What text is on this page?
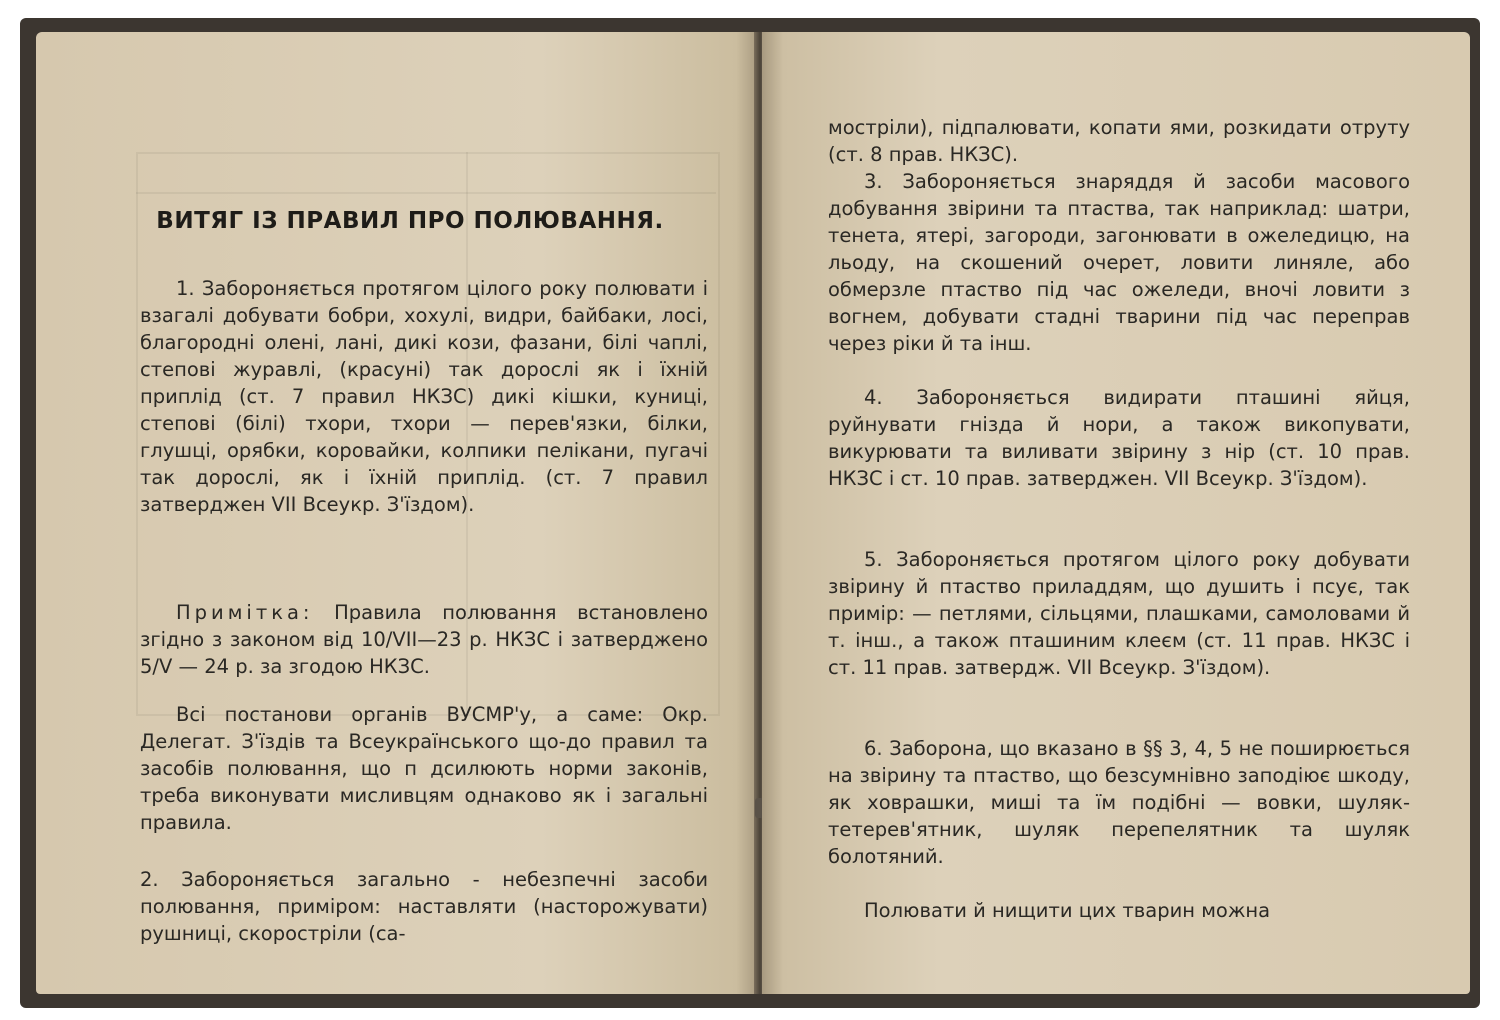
ВИТЯГ ІЗ ПРАВИЛ ПРО ПОЛЮВАННЯ.

1. Забороняється протягом цілого року полювати і взагалі добувати бобри, хохулі, видри, байбаки, лосі, благородні олені, лані, дикі кози, фазани, білі чаплі, степові журавлі, (красуні) так дорослі як і їхній приплід (ст. 7 правил НКЗС) дикі кішки, куниці, степові (білі) тхори, тхори — перев'язки, білки, глушці, орябки, коровайки, колпики пелікани, пугачі так дорослі, як і їхній приплід. (ст. 7 правил затверджен VII Всеукр. З'їздом).

Примітка: Правила полювання встановлено згідно з законом від 10/VII—23 р. НКЗС і затверджено 5/V — 24 р. за згодою НКЗС.

Всі постанови органів ВУСМР'у, а саме: Окр. Делегат. З'їздів та Всеукраїнського що-до правил та засобів полювання, що п дсилюють норми законів, треба виконувати мисливцям однаково як і загальні правила.

2. Забороняється загально - небезпечні засоби полювання, приміром: наставляти (насторожувати) рушниці, скоростріли (са-

мостріли), підпалювати, копати ями, розкидати отруту (ст. 8 прав. НКЗС).

3. Забороняється знаряддя й засоби масового добування звірини та птаства, так наприклад: шатри, тенета, ятері, загороди, загонювати в ожеледицю, на льоду, на скошений очерет, ловити линяле, або обмерзле птаство під час ожеледи, вночі ловити з вогнем, добувати стадні тварини під час переправ через ріки й та інш.

4. Забороняється видирати пташині яйця, руйнувати гнізда й нори, а також викопувати, викурювати та виливати звірину з нір (ст. 10 прав. НКЗС і ст. 10 прав. затверджен. VII Всеукр. З'їздом).

5. Забороняється протягом цілого року добувати звірину й птаство приладдям, що душить і псує, так примір: — петлями, сільцями, плашками, самоловами й т. інш., а також пташиним клеєм (ст. 11 прав. НКЗС і ст. 11 прав. затвердж. VII Всеукр. З'їздом).

6. Заборона, що вказано в §§ 3, 4, 5 не поширюється на звірину та птаство, що безсумнівно заподіює шкоду, як ховрашки, миші та їм подібні — вовки, шуляк-тетерев'ятник, шуляк перепелятник та шуляк болотяний.

Полювати й нищити цих тварин можна
